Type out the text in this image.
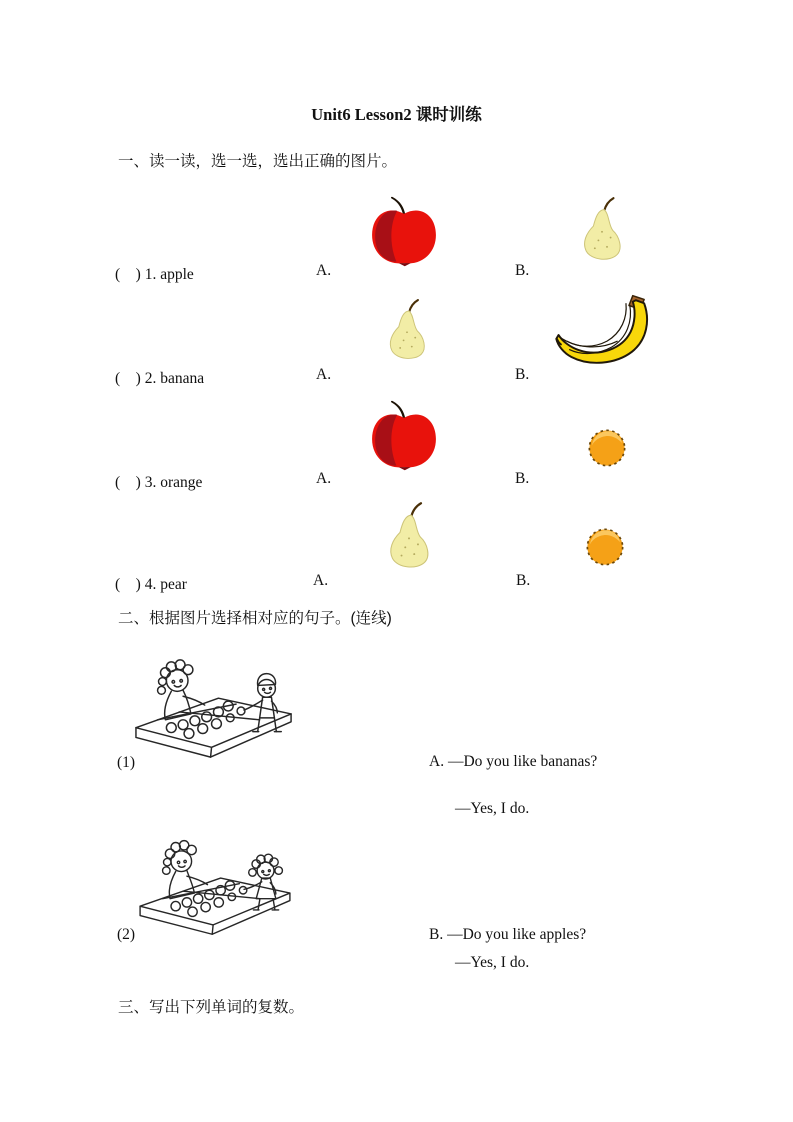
Unit6 Lesson2 课时训练
一、读一读，选一选，选出正确的图片。
(　) 1. apple	A.	B.
(　) 2. banana	A.	B.
(　) 3. orange	A.	B.
(　) 4. pear	A.	B.
二、根据图片选择相对应的句子。(连线)
(1)	A. —Do you like bananas?
—Yes, I do.
(2)	B. —Do you like apples?
—Yes, I do.
三、写出下列单词的复数。
